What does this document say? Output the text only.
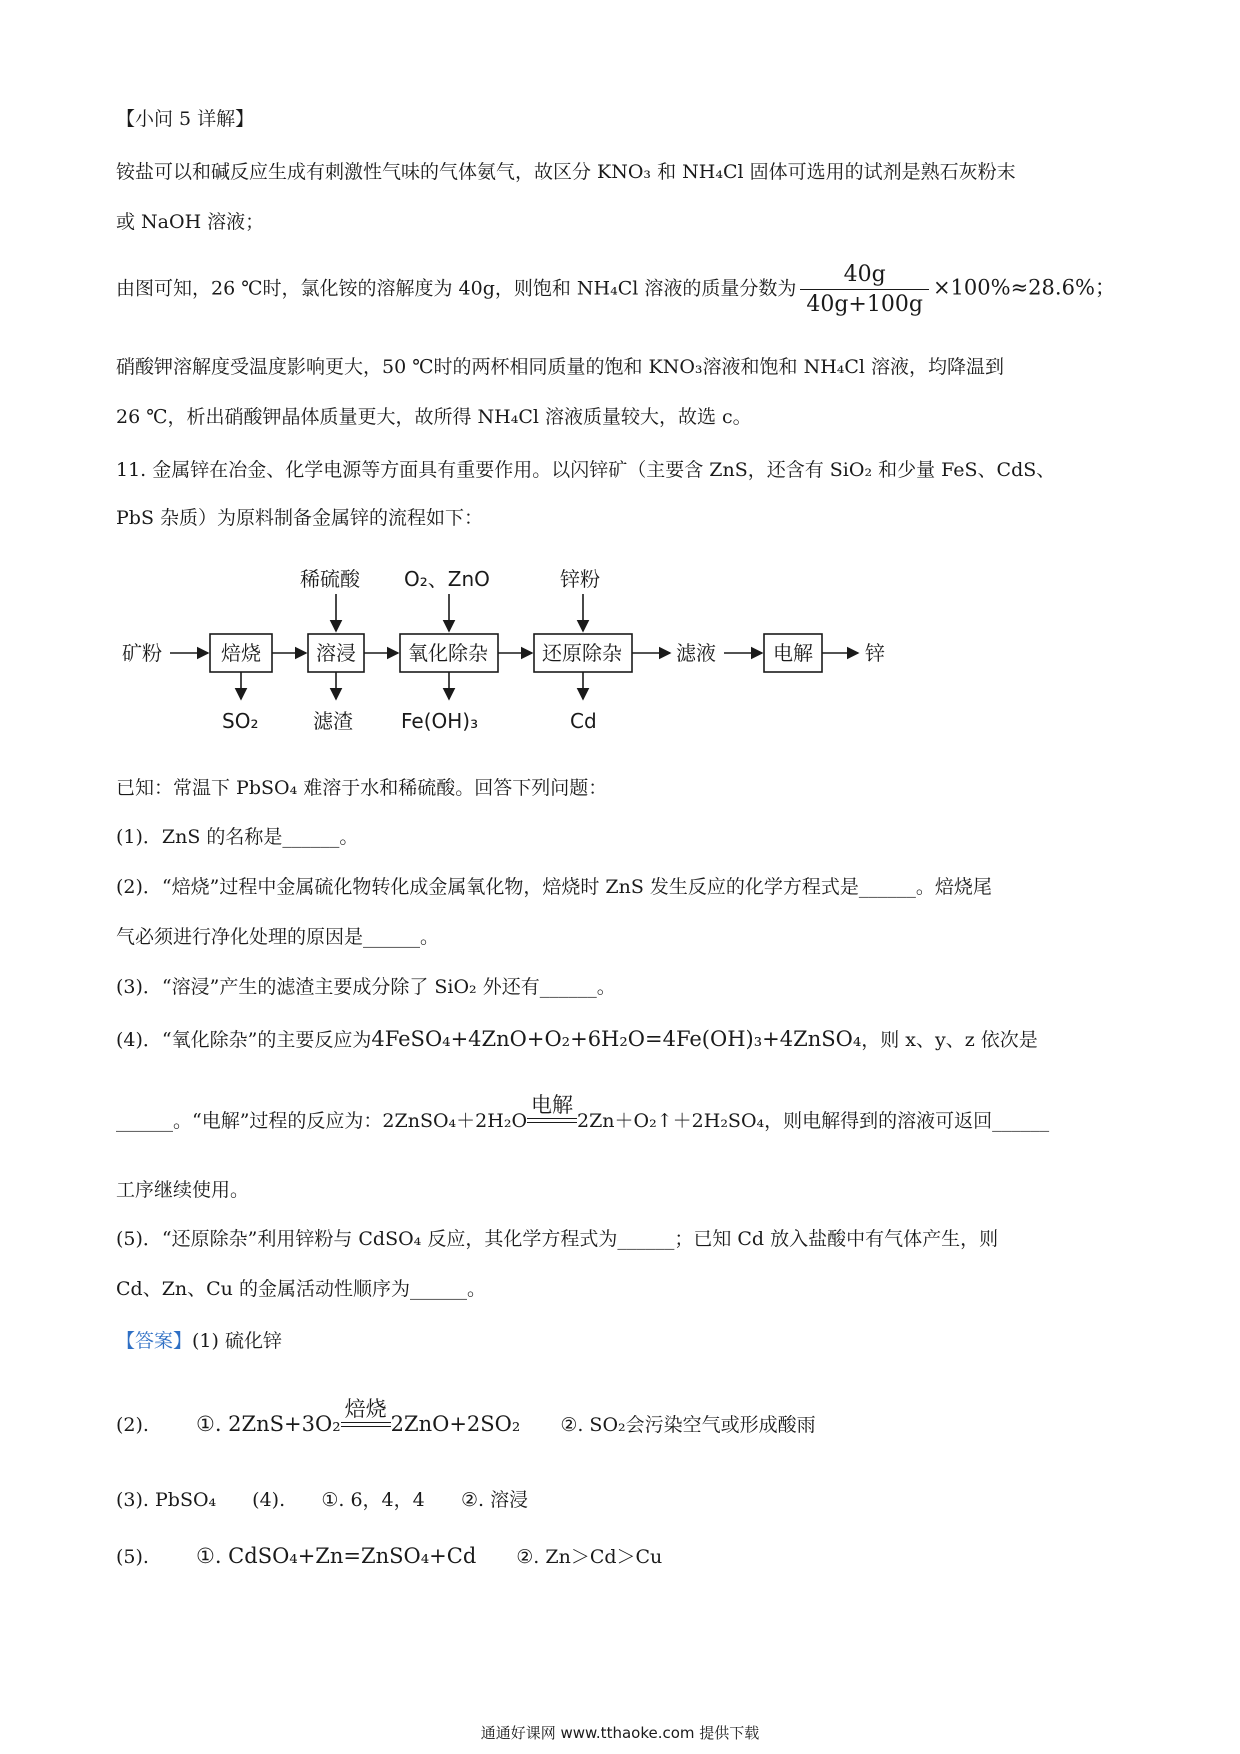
【小问 5 详解】
铵盐可以和碱反应生成有刺激性气味的气体氨气，故区分 KNO₃ 和 NH₄Cl 固体可选用的试剂是熟石灰粉末
或 NaOH 溶液；
由图可知，26 ℃时，氯化铵的溶解度为 40g，则饱和 NH₄Cl 溶液的质量分数为 $\frac{40g}{40g+100g} \times 100\%\approx 28.6\%$；
硝酸钾溶解度受温度影响更大，50 ℃时的两杯相同质量的饱和 KNO₃溶液和饱和 NH₄Cl 溶液，均降温到
26 ℃，析出硝酸钾晶体质量更大，故所得 NH₄Cl 溶液质量较大，故选 c。
11. 金属锌在冶金、化学电源等方面具有重要作用。以闪锌矿（主要含 ZnS，还含有 SiO₂ 和少量 FeS、CdS、
PbS 杂质）为原料制备金属锌的流程如下：
矿粉	焙烧
SO₂
溶浸
稀硫酸
滤渣
氧化除杂
O₂、ZnO
Fe(OH)₃
还原除杂
锌粉
Cd
滤液	电解	锌
已知：常温下 PbSO₄ 难溶于水和稀硫酸。回答下列问题：
(1)．ZnS 的名称是______。
(2)．“焙烧”过程中金属硫化物转化成金属氧化物，焙烧时 ZnS 发生反应的化学方程式是______。焙烧尾
气必须进行净化处理的原因是______。
(3)．“溶浸”产生的滤渣主要成分除了 SiO₂ 外还有______。
(4)．“氧化除杂”的主要反应为4FeSO₄+4ZnO+O₂+6H₂O=4Fe(OH)₃+4ZnSO₄，则 x、y、z 依次是
______。“电解”过程的反应为：2ZnSO₄＋2H₂O
电解
2Zn＋O₂↑＋2H₂SO₄，则电解得到的溶液可返回______
工序继续使用。
(5)．“还原除杂”利用锌粉与 CdSO₄ 反应，其化学方程式为______；已知 Cd 放入盐酸中有气体产生，则
Cd、Zn、Cu 的金属活动性顺序为______。
【答案】(1) 硫化锌
(2). ①. 2ZnS+3O₂
焙烧
2ZnO+2SO₂ ②. SO₂会污染空气或形成酸雨
(3). PbSO₄ (4).      ①. 6，4，4      ②. 溶浸
(5). ①. CdSO₄+Zn=ZnSO₄+Cd ②. Zn＞Cd＞Cu
通通好课网 www.tthaoke.com 提供下载
